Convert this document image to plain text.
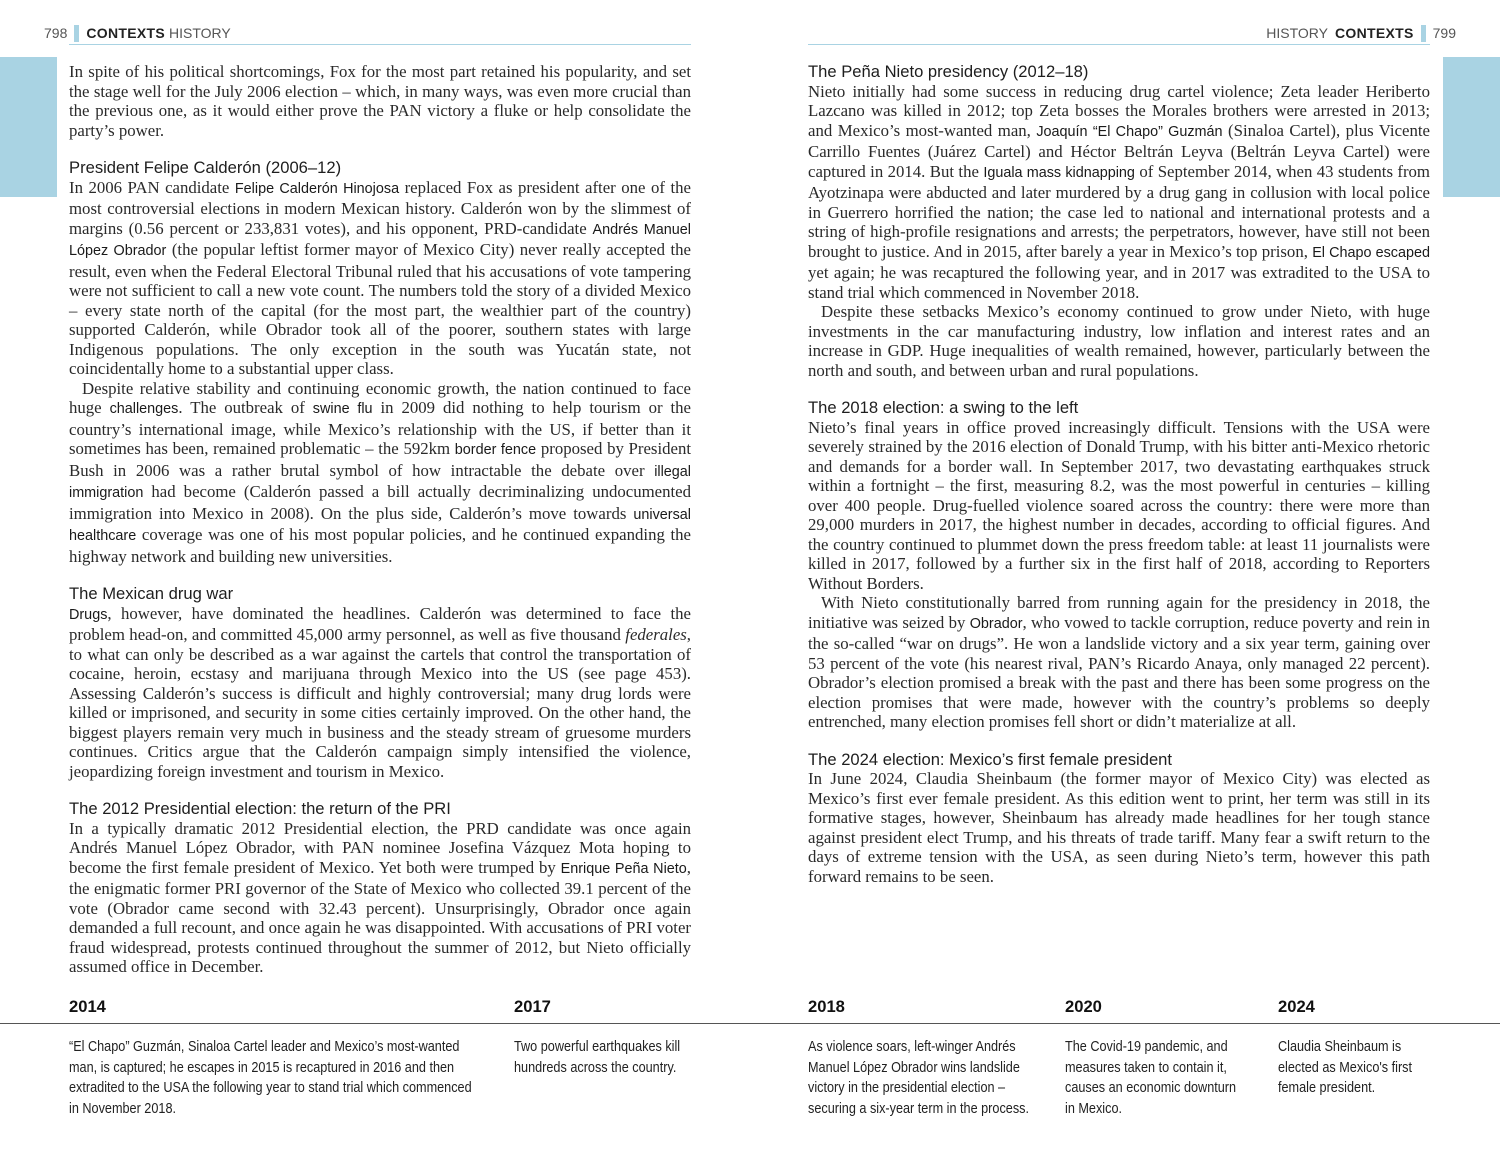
798 CONTEXTS HISTORY	HISTORY CONTEXTS 799

In spite of his political shortcomings, Fox for the most part retained his popularity, and set the stage well for the July 2006 election – which, in many ways, was even more crucial than the previous one, as it would either prove the PAN victory a fluke or help consolidate the party’s power.

President Felipe Calderón (2006–12)

In 2006 PAN candidate Felipe Calderón Hinojosa replaced Fox as president after one of the most controversial elections in modern Mexican history. Calderón won by the slimmest of margins (0.56 percent or 233,831 votes), and his opponent, PRD-candidate Andrés Manuel López Obrador (the popular leftist former mayor of Mexico City) never really accepted the result, even when the Federal Electoral Tribunal ruled that his accusations of vote tampering were not sufficient to call a new vote count. The numbers told the story of a divided Mexico – every state north of the capital (for the most part, the wealthier part of the country) supported Calderón, while Obrador took all of the poorer, southern states with large Indigenous populations. The only exception in the south was Yucatán state, not coincidentally home to a substantial upper class.

Despite relative stability and continuing economic growth, the nation continued to face huge challenges. The outbreak of swine flu in 2009 did nothing to help tourism or the country’s international image, while Mexico’s relationship with the US, if better than it sometimes has been, remained problematic – the 592km border fence proposed by President Bush in 2006 was a rather brutal symbol of how intractable the debate over illegal immigration had become (Calderón passed a bill actually decriminalizing undocumented immigration into Mexico in 2008). On the plus side, Calderón’s move towards universal healthcare coverage was one of his most popular policies, and he continued expanding the highway network and building new universities.

The Mexican drug war

Drugs, however, have dominated the headlines. Calderón was determined to face the problem head-on, and committed 45,000 army personnel, as well as five thousand federales, to what can only be described as a war against the cartels that control the transportation of cocaine, heroin, ecstasy and marijuana through Mexico into the US (see page 453). Assessing Calderón’s success is difficult and highly controversial; many drug lords were killed or imprisoned, and security in some cities certainly improved. On the other hand, the biggest players remain very much in business and the steady stream of gruesome murders continues. Critics argue that the Calderón campaign simply intensified the violence, jeopardizing foreign investment and tourism in Mexico.

The 2012 Presidential election: the return of the PRI

In a typically dramatic 2012 Presidential election, the PRD candidate was once again Andrés Manuel López Obrador, with PAN nominee Josefina Vázquez Mota hoping to become the first female president of Mexico. Yet both were trumped by Enrique Peña Nieto, the enigmatic former PRI governor of the State of Mexico who collected 39.1 percent of the vote (Obrador came second with 32.43 percent). Unsurprisingly, Obrador once again demanded a full recount, and once again he was disappointed. With accusations of PRI voter fraud widespread, protests continued throughout the summer of 2012, but Nieto officially assumed office in December.

The Peña Nieto presidency (2012–18)

Nieto initially had some success in reducing drug cartel violence; Zeta leader Heriberto Lazcano was killed in 2012; top Zeta bosses the Morales brothers were arrested in 2013; and Mexico’s most-wanted man, Joaquín “El Chapo” Guzmán (Sinaloa Cartel), plus Vicente Carrillo Fuentes (Juárez Cartel) and Héctor Beltrán Leyva (Beltrán Leyva Cartel) were captured in 2014. But the Iguala mass kidnapping of September 2014, when 43 students from Ayotzinapa were abducted and later murdered by a drug gang in collusion with local police in Guerrero horrified the nation; the case led to national and international protests and a string of high-profile resignations and arrests; the perpetrators, however, have still not been brought to justice. And in 2015, after barely a year in Mexico’s top prison, El Chapo escaped yet again; he was recaptured the following year, and in 2017 was extradited to the USA to stand trial which commenced in November 2018.

Despite these setbacks Mexico’s economy continued to grow under Nieto, with huge investments in the car manufacturing industry, low inflation and interest rates and an increase in GDP. Huge inequalities of wealth remained, however, particularly between the north and south, and between urban and rural populations.

The 2018 election: a swing to the left

Nieto’s final years in office proved increasingly difficult. Tensions with the USA were severely strained by the 2016 election of Donald Trump, with his bitter anti-Mexico rhetoric and demands for a border wall. In September 2017, two devastating earthquakes struck within a fortnight – the first, measuring 8.2, was the most powerful in centuries – killing over 400 people. Drug-fuelled violence soared across the country: there were more than 29,000 murders in 2017, the highest number in decades, according to official figures. And the country continued to plummet down the press freedom table: at least 11 journalists were killed in 2017, followed by a further six in the first half of 2018, according to Reporters Without Borders.

With Nieto constitutionally barred from running again for the presidency in 2018, the initiative was seized by Obrador, who vowed to tackle corruption, reduce poverty and rein in the so-called “war on drugs”. He won a landslide victory and a six year term, gaining over 53 percent of the vote (his nearest rival, PAN’s Ricardo Anaya, only managed 22 percent). Obrador’s election promised a break with the past and there has been some progress on the election promises that were made, however with the country’s problems so deeply entrenched, many election promises fell short or didn’t materialize at all.

The 2024 election: Mexico’s first female president

In June 2024, Claudia Sheinbaum (the former mayor of Mexico City) was elected as Mexico’s first ever female president. As this edition went to print, her term was still in its formative stages, however, Sheinbaum has already made headlines for her tough stance against president elect Trump, and his threats of trade tariff. Many fear a swift return to the days of extreme tension with the USA, as seen during Nieto’s term, however this path forward remains to be seen.

2014

“El Chapo” Guzmán, Sinaloa Cartel leader and Mexico’s most-wanted man, is captured; he escapes in 2015 is recaptured in 2016 and then extradited to the USA the following year to stand trial which commenced in November 2018.

2017

Two powerful earthquakes kill hundreds across the country.

2018

As violence soars, left-winger Andrés Manuel López Obrador wins landslide victory in the presidential election – securing a six-year term in the process.

2020

The Covid-19 pandemic, and measures taken to contain it, causes an economic downturn in Mexico.

2024

Claudia Sheinbaum is elected as Mexico's first female president.
